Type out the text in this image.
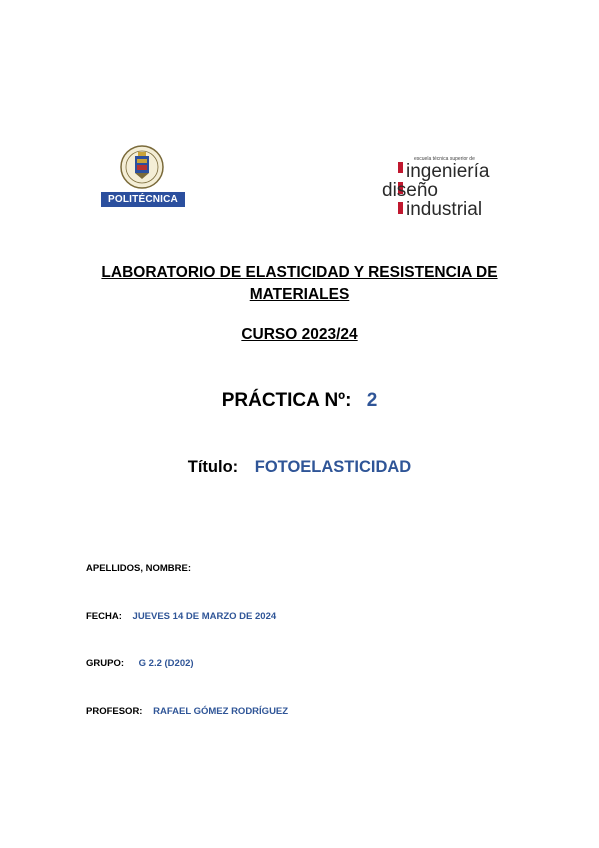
POLITÉCNICA
escuela técnica superior de
ingeniería
diseño
industrial
LABORATORIO DE ELASTICIDAD Y RESISTENCIA DE
MATERIALES
CURSO 2023/24
PRÁCTICA Nº: 2
Título: FOTOELASTICIDAD
APELLIDOS, NOMBRE:
FECHA: JUEVES 14 DE MARZO DE 2024
GRUPO: G 2.2 (D202)
PROFESOR: RAFAEL GÓMEZ RODRÍGUEZ
